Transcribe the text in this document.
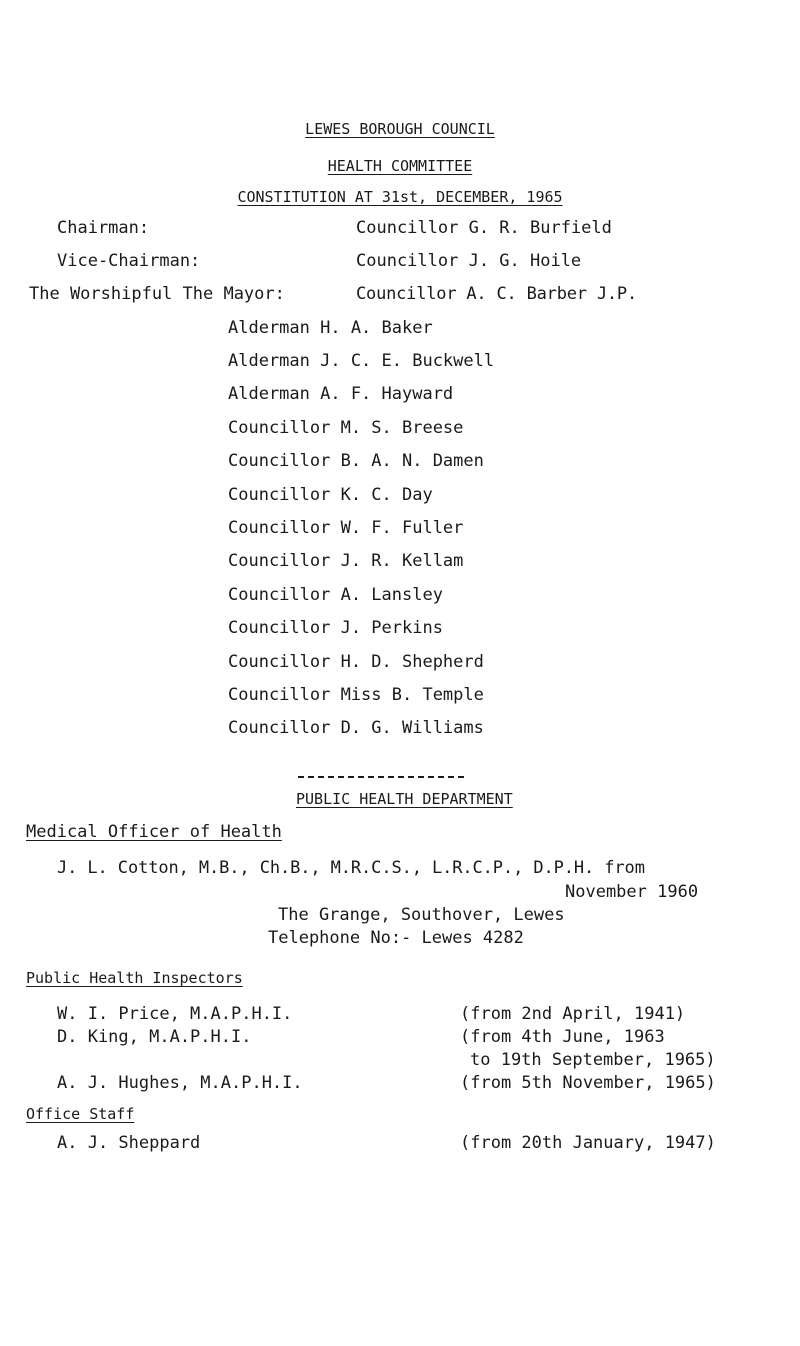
LEWES BOROUGH COUNCIL
HEALTH COMMITTEE
CONSTITUTION AT 31st, DECEMBER, 1965
Chairman:	Councillor G. R. Burfield
Vice-Chairman:	Councillor J. G. Hoile
The Worshipful The Mayor:	Councillor A. C. Barber J.P.
Alderman H. A. Baker
Alderman J. C. E. Buckwell
Alderman A. F. Hayward
Councillor M. S. Breese
Councillor B. A. N. Damen
Councillor K. C. Day
Councillor W. F. Fuller
Councillor J. R. Kellam
Councillor A. Lansley
Councillor J. Perkins
Councillor H. D. Shepherd
Councillor Miss B. Temple
Councillor D. G. Williams
PUBLIC HEALTH DEPARTMENT
Medical Officer of Health
J. L. Cotton, M.B., Ch.B., M.R.C.S., L.R.C.P., D.P.H. from
November 1960
The Grange, Southover, Lewes
Telephone No:- Lewes 4282
Public Health Inspectors
W. I. Price, M.A.P.H.I.	(from 2nd April, 1941)
D. King, M.A.P.H.I.	(from 4th June, 1963
to 19th September, 1965)
A. J. Hughes, M.A.P.H.I.	(from 5th November, 1965)
Office Staff
A. J. Sheppard	(from 20th January, 1947)
